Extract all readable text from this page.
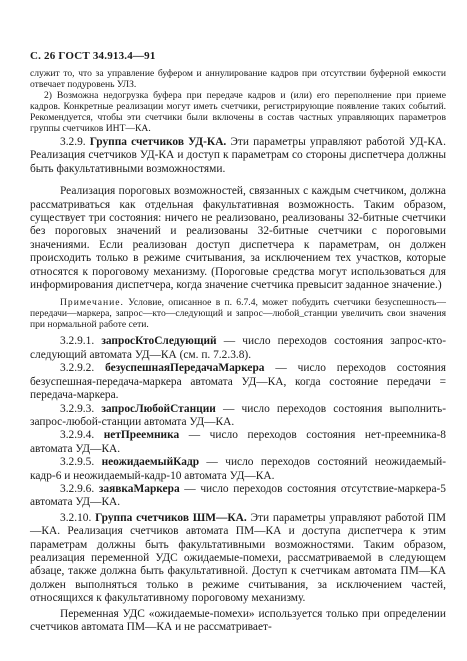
С. 26 ГОСТ 34.913.4—91

служит то, что за управление буфером и аннулирование кадров при отсутствии буферной емкости отвечает подуровень УЛЗ.

2) Возможна недогрузка буфера при передаче кадров и (или) его переполнение при приеме кадров. Конкретные реализации могут иметь счетчики, регистрирующие появление таких событий. Рекомендуется, чтобы эти счетчики были включены в состав частных управляющих параметров группы счетчиков ИНТ—КА.

3.2.9. Группа счетчиков УД-КА. Эти параметры управляют работой УД-КА. Реализация счетчиков УД-КА и доступ к параметрам со стороны диспетчера должны быть факультативными возможностями.

Реализация пороговых возможностей, связанных с каждым счетчиком, должна рассматриваться как отдельная факультативная возможность. Таким образом, существует три состояния: ничего не реализовано, реализованы 32-битные счетчики без пороговых значений и реализованы 32-битные счетчики с пороговыми значениями. Если реализован доступ диспетчера к параметрам, он должен происходить только в режиме считывания, за исключением тех участков, которые относятся к пороговому механизму. (Пороговые средства могут использоваться для информирования диспетчера, когда значение счетчика превысит заданное значение.)

Примечание. Условие, описанное в п. 6.7.4, может побудить счетчики безуспешность—передачи—маркера, запрос—кто—следующий и запрос—любой_станции увеличить свои значения при нормальной работе сети.

3.2.9.1. запросКтоСледующий — число переходов состояния запрос-кто-следующий автомата УД—КА (см. п. 7.2.3.8).

3.2.9.2. безуспешнаяПередачаМаркера — число переходов состояния безуспешная-передача-маркера автомата УД—КА, когда состояние передачи = передача-маркера.

3.2.9.3. запросЛюбойСтанции — число переходов состояния выполнить-запрос-любой-станции автомата УД—КА.

3.2.9.4. нетПреемника — число переходов состояния нет-преемника-8 автомата УД—КА.

3.2.9.5. неожидаемыйКадр — число переходов состояний неожидаемый-кадр-6 и неожидаемый-кадр-10 автомата УД—КА.

3.2.9.6. заявкаМаркера — число переходов состояния отсутствие-маркера-5 автомата УД—КА.

3.2.10. Группа счетчиков ШМ—КА. Эти параметры управляют работой ПМ—КА. Реализация счетчиков автомата ПМ—КА и доступа диспетчера к этим параметрам должны быть факультативными возможностями. Таким образом, реализация переменной УДС ожидаемые-помехи, рассматриваемой в следующем абзаце, также должна быть факультативной. Доступ к счетчикам автомата ПМ—КА должен выполняться только в режиме считывания, за исключением частей, относящихся к факультативному пороговому механизму.

Переменная УДС «ожидаемые-помехи» используется только при определении счетчиков автомата ПМ—КА и не рассматривает-
